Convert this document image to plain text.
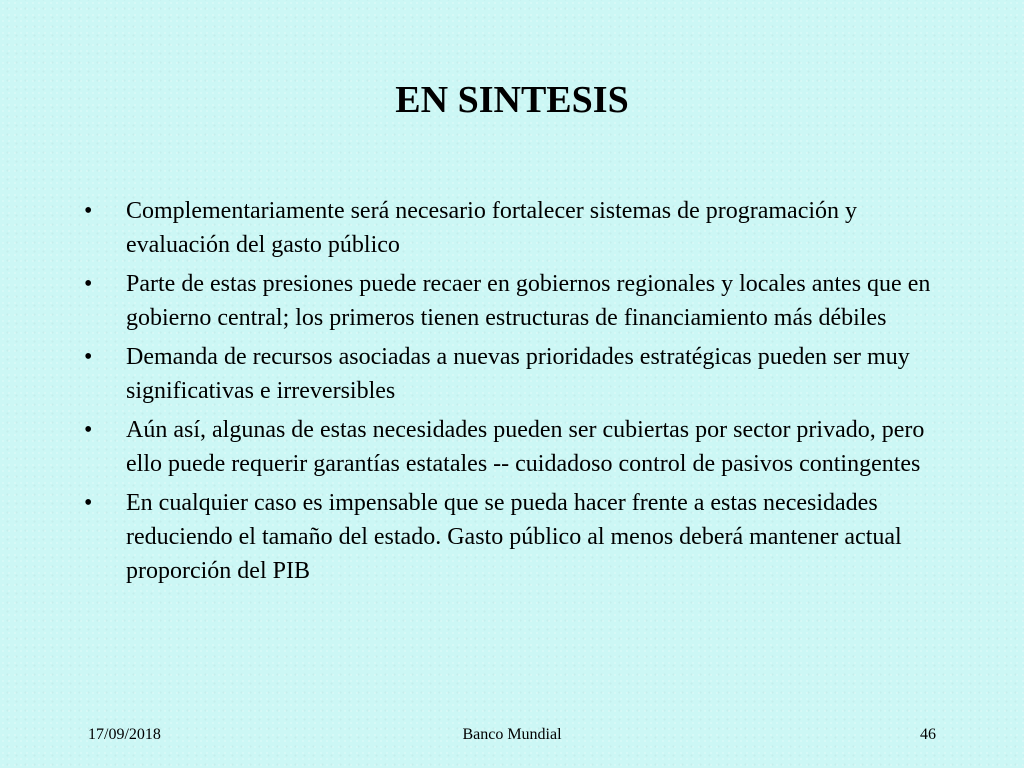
EN SINTESIS
•	Complementariamente será necesario fortalecer sistemas de programación y evaluación del gasto público
•	Parte de estas presiones puede recaer en gobiernos regionales y locales antes que en gobierno central; los primeros tienen estructuras de financiamiento más débiles
•	Demanda de recursos asociadas a nuevas prioridades estratégicas pueden ser muy significativas e irreversibles
•	Aún así, algunas de estas necesidades pueden ser cubiertas por sector privado, pero ello puede requerir garantías estatales -- cuidadoso control de pasivos contingentes
•	En cualquier caso es impensable que se pueda hacer frente a estas necesidades reduciendo el tamaño del estado. Gasto público al menos deberá mantener actual proporción del PIB
17/09/2018	Banco Mundial	46
